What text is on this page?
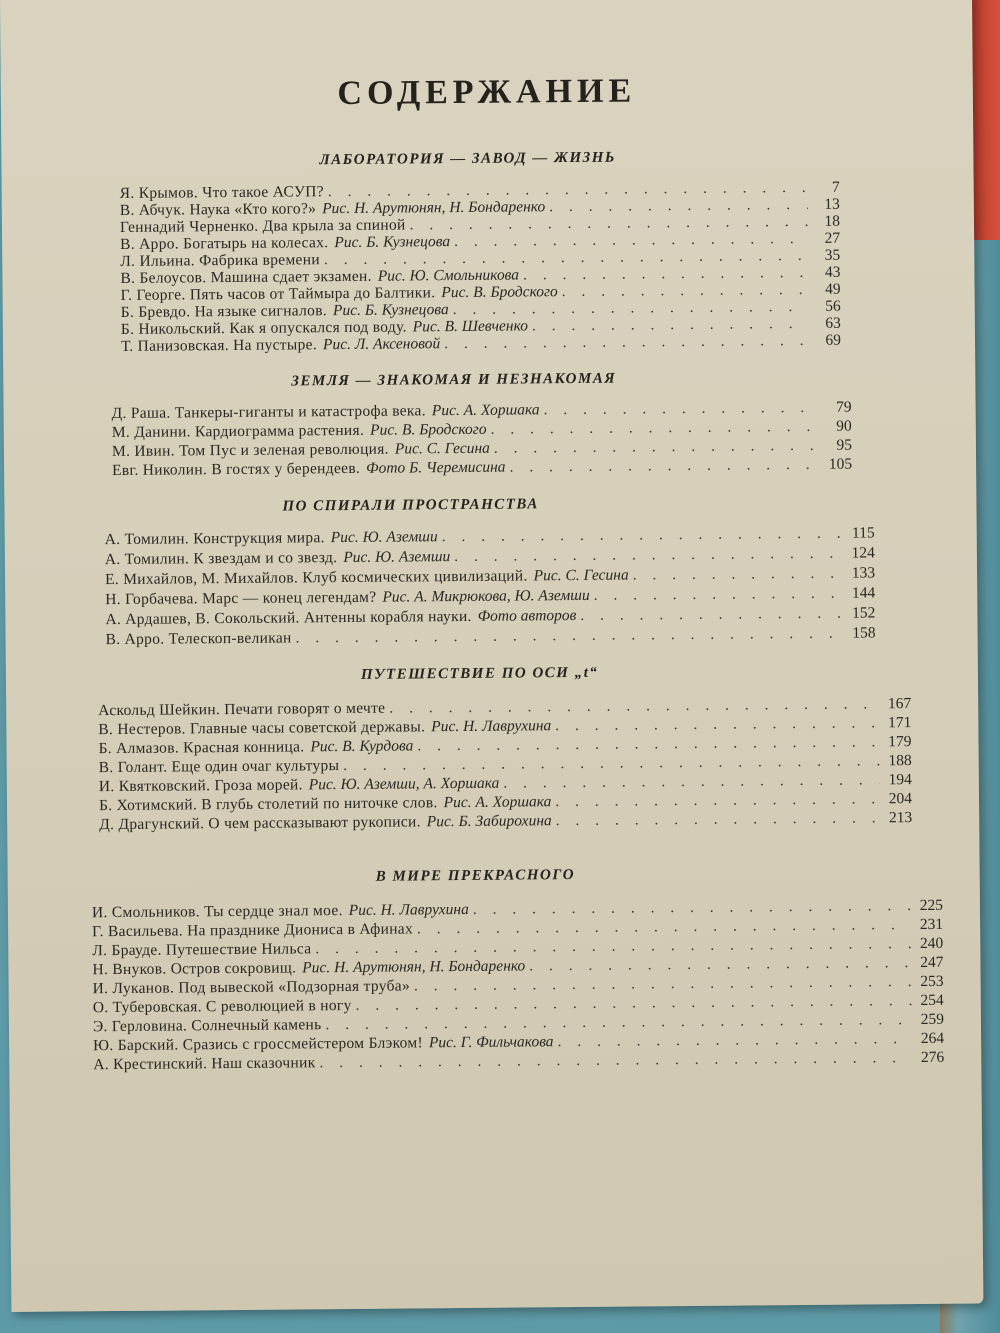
СОДЕРЖАНИЕ
ЛАБОРАТОРИЯ — ЗАВОД — ЖИЗНЬ
Я. Крымов. Что такое АСУП? . . .	7
В. Абчук. Наука «Кто кого?» Рис. Н. Арутюнян, Н. Бондаренко . . .	13
Геннадий Черненко. Два крыла за спиной . . .	18
В. Арро. Богатырь на колесах. Рис. Б. Кузнецова . . .	27
Л. Ильина. Фабрика времени . . .	35
В. Белоусов. Машина сдает экзамен. Рис. Ю. Смольникова . . .	43
Г. Георге. Пять часов от Таймыра до Балтики. Рис. В. Бродского . . .	49
Б. Бревдо. На языке сигналов. Рис. Б. Кузнецова . . .	56
Б. Никольский. Как я опускался под воду. Рис. В. Шевченко . . .	63
Т. Панизовская. На пустыре. Рис. Л. Аксеновой . . .	69
ЗЕМЛЯ — ЗНАКОМАЯ И НЕЗНАКОМАЯ
Д. Раша. Танкеры-гиганты и катастрофа века. Рис. А. Хоршака . . .	79
М. Данини. Кардиограмма растения. Рис. В. Бродского . . .	90
М. Ивин. Том Пус и зеленая революция. Рис. С. Гесина . . .	95
Евг. Николин. В гостях у берендеев. Фото Б. Черемисина . . .	105
ПО СПИРАЛИ ПРОСТРАНСТВА
А. Томилин. Конструкция мира. Рис. Ю. Аземши . . .	115
А. Томилин. К звездам и со звезд. Рис. Ю. Аземши . . .	124
Е. Михайлов, М. Михайлов. Клуб космических цивилизаций. Рис. С. Гесина . . .	133
Н. Горбачева. Марс — конец легендам? Рис. А. Микрюкова, Ю. Аземши . . .	144
А. Ардашев, В. Сокольский. Антенны корабля науки. Фото авторов . . .	152
В. Арро. Телескоп-великан . . .	158
ПУТЕШЕСТВИЕ ПО ОСИ „t“
Аскольд Шейкин. Печати говорят о мечте . . .	167
В. Нестеров. Главные часы советской державы. Рис. Н. Лаврухина . . .	171
Б. Алмазов. Красная конница. Рис. В. Курдова . . .	179
В. Голант. Еще один очаг культуры . . .	188
И. Квятковский. Гроза морей. Рис. Ю. Аземши, А. Хоршака . . .	194
Б. Хотимский. В глубь столетий по ниточке слов. Рис. А. Хоршака . . .	204
Д. Драгунский. О чем рассказывают рукописи. Рис. Б. Забирохина . . .	213
В МИРЕ ПРЕКРАСНОГО
И. Смольников. Ты сердце знал мое. Рис. Н. Лаврухина . . .	225
Г. Васильева. На празднике Диониса в Афинах . . .	231
Л. Брауде. Путешествие Нильса . . .	240
Н. Внуков. Остров сокровищ. Рис. Н. Арутюнян, Н. Бондаренко . . .	247
И. Луканов. Под вывеской «Подзорная труба» . . .	253
О. Туберовская. С революцией в ногу . . .	254
Э. Герловина. Солнечный камень . . .	259
Ю. Барский. Сразись с гроссмейстером Блэком! Рис. Г. Фильчакова . . .	264
А. Крестинский. Наш сказочник . . .	276
